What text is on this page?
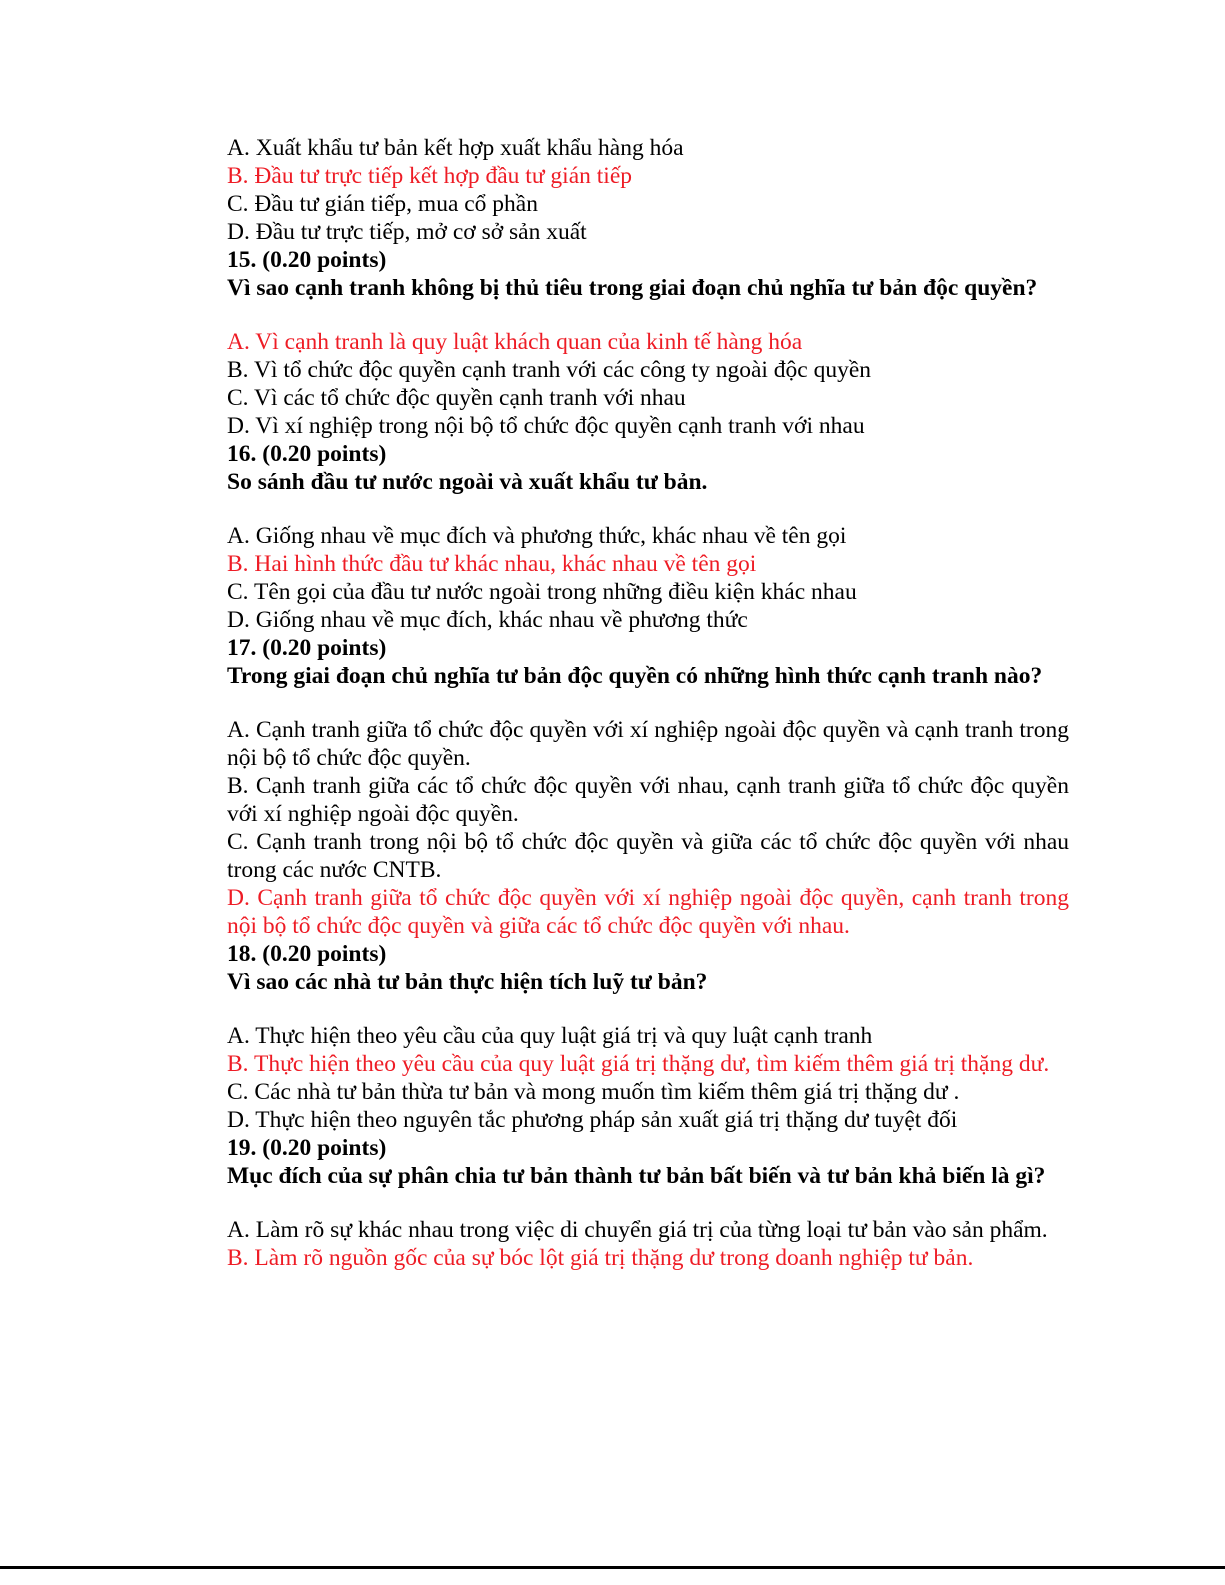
A. Xuất khẩu tư bản kết hợp xuất khẩu hàng hóa
B. Đầu tư trực tiếp kết hợp đầu tư gián tiếp
C. Đầu tư gián tiếp, mua cổ phần
D. Đầu tư trực tiếp, mở cơ sở sản xuất
15. (0.20 points)
Vì sao cạnh tranh không bị thủ tiêu trong giai đoạn chủ nghĩa tư bản độc quyền?
A. Vì cạnh tranh là quy luật khách quan của kinh tế hàng hóa
B. Vì tổ chức độc quyền cạnh tranh với các công ty ngoài độc quyền
C. Vì các tổ chức độc quyền cạnh tranh với nhau
D. Vì xí nghiệp trong nội bộ tổ chức độc quyền cạnh tranh với nhau
16. (0.20 points)
So sánh đầu tư nước ngoài và xuất khẩu tư bản.
A. Giống nhau về mục đích và phương thức, khác nhau về tên gọi
B. Hai hình thức đầu tư khác nhau, khác nhau về tên gọi
C. Tên gọi của đầu tư nước ngoài trong những điều kiện khác nhau
D. Giống nhau về mục đích, khác nhau về phương thức
17. (0.20 points)
Trong giai đoạn chủ nghĩa tư bản độc quyền có những hình thức cạnh tranh nào?
A. Cạnh tranh giữa tổ chức độc quyền với xí nghiệp ngoài độc quyền và cạnh tranh trong nội bộ tổ chức độc quyền.
B. Cạnh tranh giữa các tổ chức độc quyền với nhau, cạnh tranh giữa tổ chức độc quyền với xí nghiệp ngoài độc quyền.
C. Cạnh tranh trong nội bộ tổ chức độc quyền và giữa các tổ chức độc quyền với nhau trong các nước CNTB.
D. Cạnh tranh giữa tổ chức độc quyền với xí nghiệp ngoài độc quyền, cạnh tranh trong nội bộ tổ chức độc quyền và giữa các tổ chức độc quyền với nhau.
18. (0.20 points)
Vì sao các nhà tư bản thực hiện tích luỹ tư bản?
A. Thực hiện theo yêu cầu của quy luật giá trị và quy luật cạnh tranh
B. Thực hiện theo yêu cầu của quy luật giá trị thặng dư, tìm kiếm thêm giá trị thặng dư.
C. Các nhà tư bản thừa tư bản và mong muốn tìm kiếm thêm giá trị thặng dư .
D. Thực hiện theo nguyên tắc phương pháp sản xuất giá trị thặng dư tuyệt đối
19. (0.20 points)
Mục đích của sự phân chia tư bản thành tư bản bất biến và tư bản khả biến là gì?
A. Làm rõ sự khác nhau trong việc di chuyển giá trị của từng loại tư bản vào sản phẩm.
B. Làm rõ nguồn gốc của sự bóc lột giá trị thặng dư trong doanh nghiệp tư bản.
